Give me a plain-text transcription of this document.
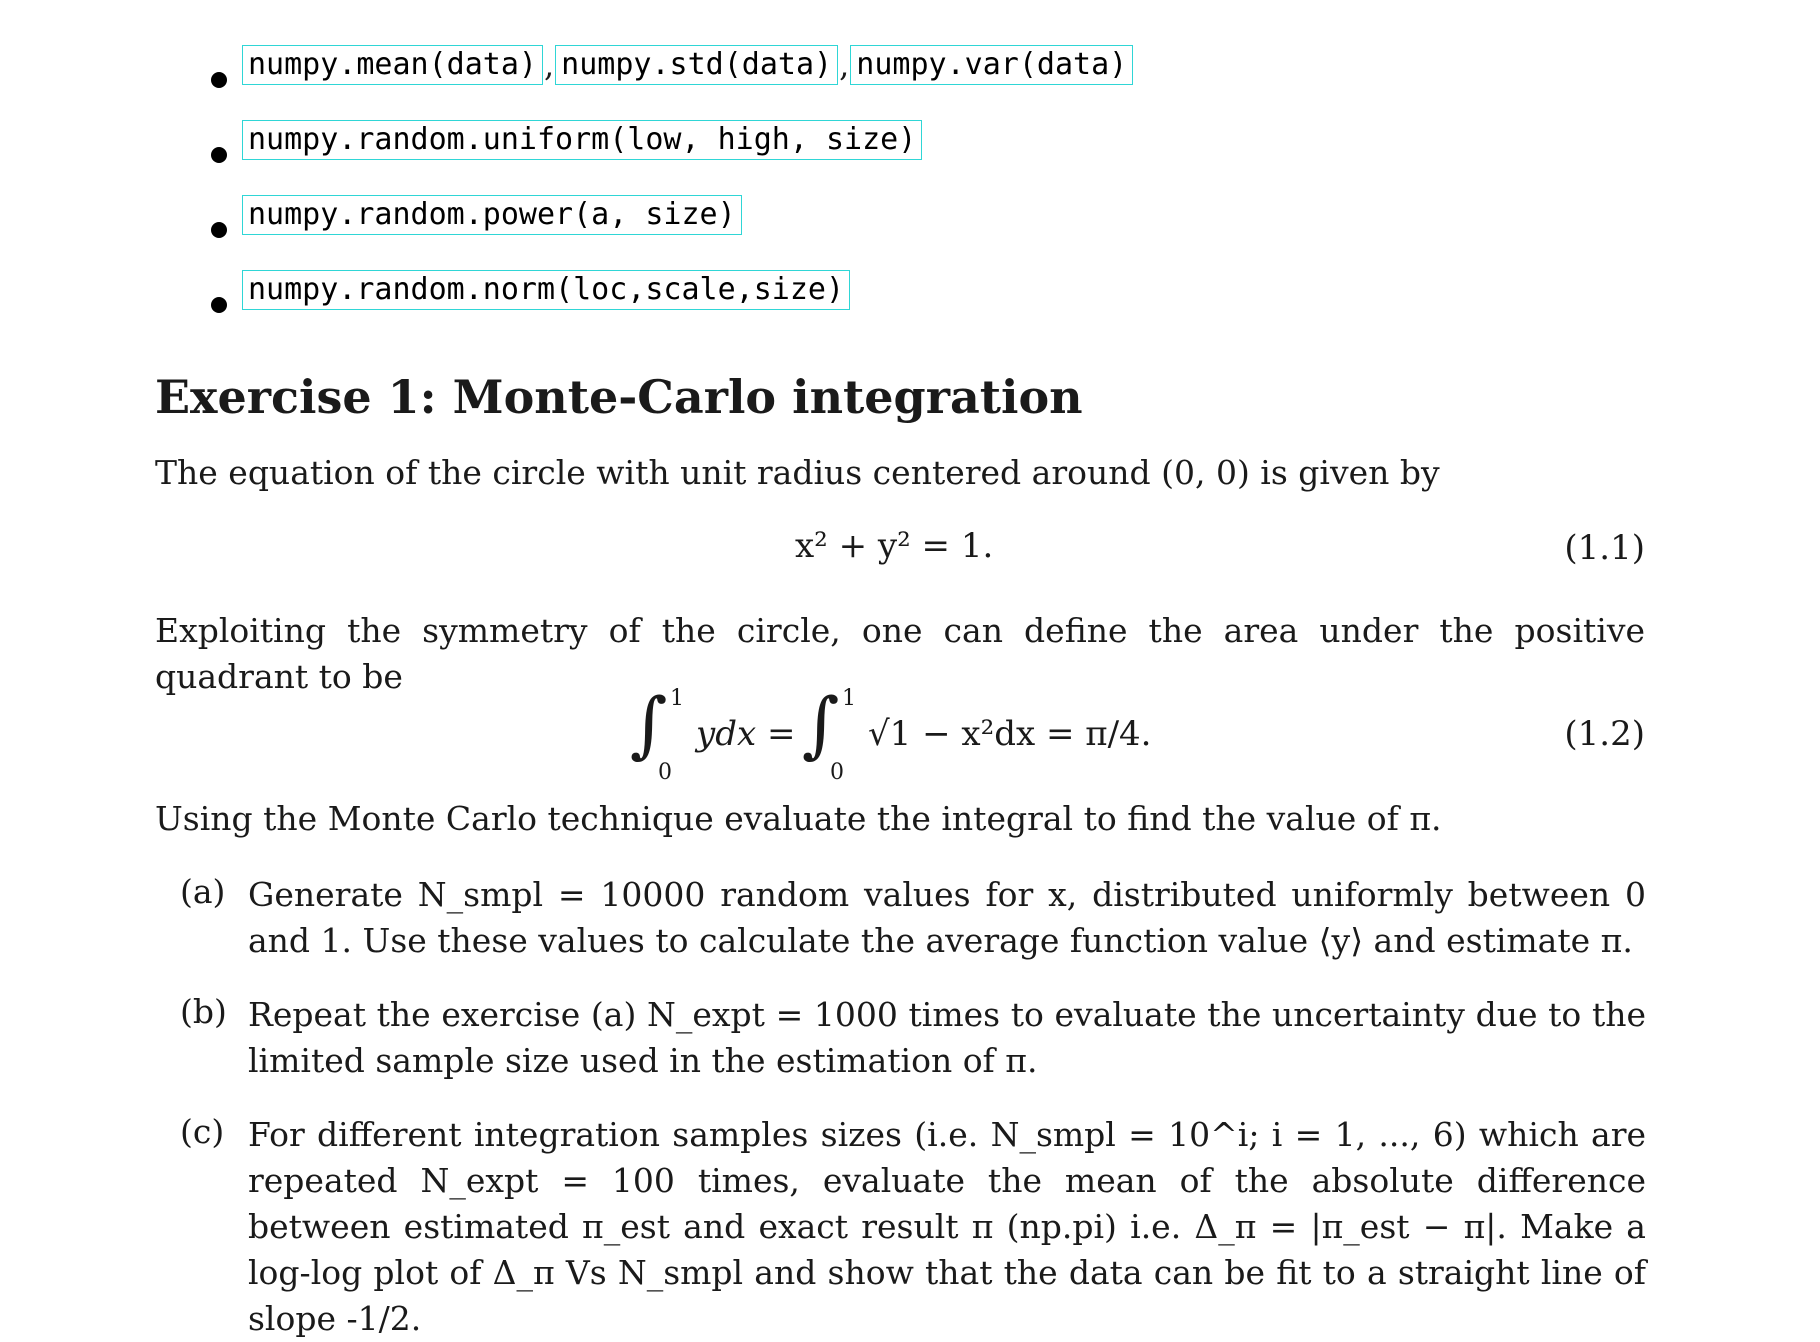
numpy.mean(data) , numpy.std(data) , numpy.var(data)
numpy.random.uniform(low, high, size)
numpy.random.power(a, size)
numpy.random.norm(loc,scale,size)
Exercise 1: Monte-Carlo integration

The equation of the circle with unit radius centered around (0, 0) is given by

x² + y² = 1.	(1.1)

Exploiting the symmetry of the circle, one can define the area under the positive quadrant to be

∫ 1
0
ydx = ∫ 1
0
√1 − x²dx = π/4.	(1.2)

Using the Monte Carlo technique evaluate the integral to find the value of π.

(a) Generate N_smpl = 10000 random values for x, distributed uniformly between 0 and 1. Use these values to calculate the average function value ⟨y⟩ and estimate π.
(b) Repeat the exercise (a) N_expt = 1000 times to evaluate the uncertainty due to the limited sample size used in the estimation of π.
(c) For different integration samples sizes (i.e. N_smpl = 10^i; i = 1, ..., 6) which are repeated N_expt = 100 times, evaluate the mean of the absolute difference between estimated π_est and exact result π (np.pi) i.e. Δ_π = |π_est − π|. Make a log-log plot of Δ_π Vs N_smpl and show that the data can be fit to a straight line of slope -1/2.
